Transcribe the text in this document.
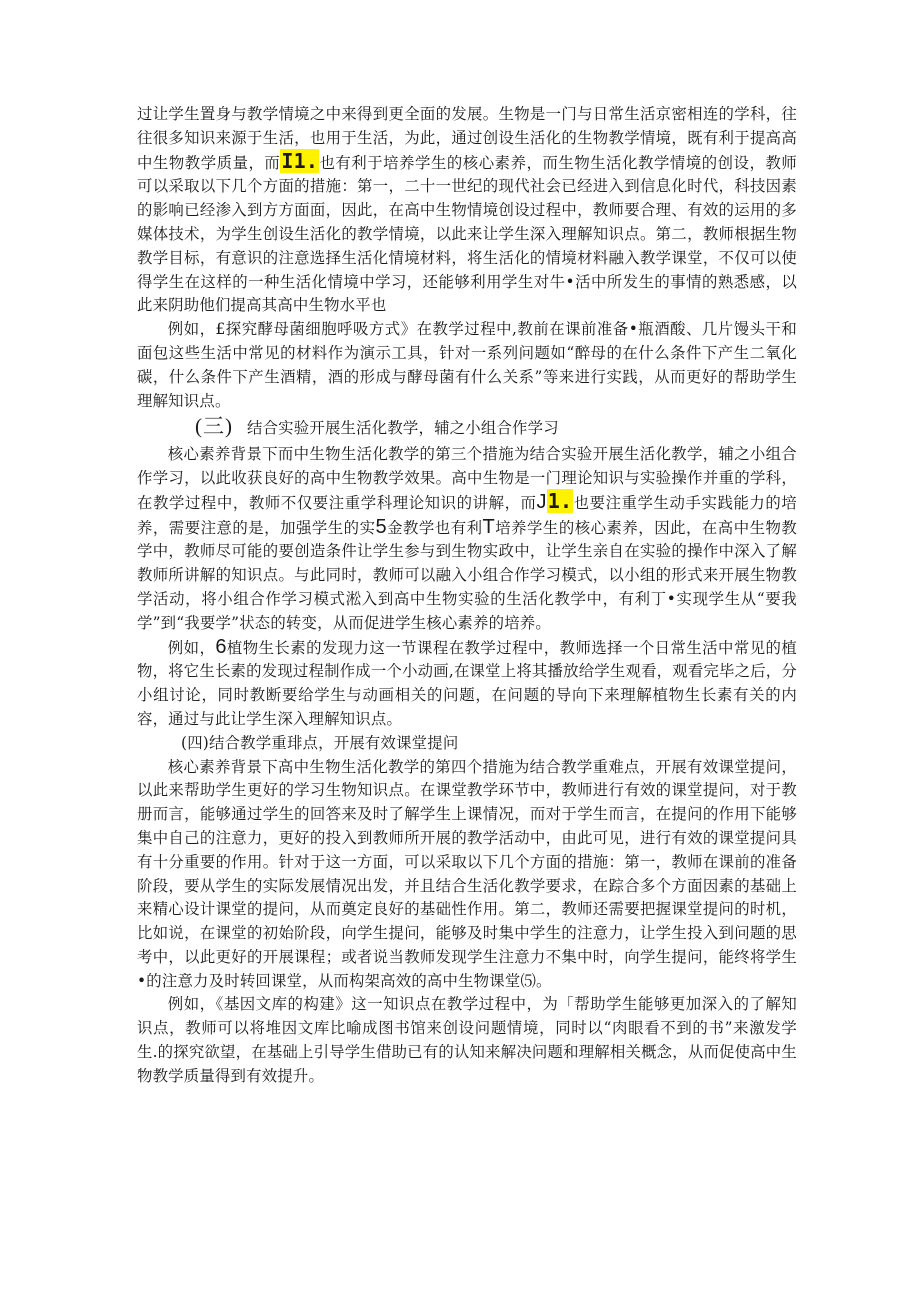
过让学生置身与教学情境之中来得到更全面的发展。生物是一门与日常生活京密相连的学科，往往很多知识来源于生活，也用于生活，为此，通过创设生活化的生物教学情境，既有利于提高高中生物教学质量，而I1.也有利于培养学生的核心素养，而生物生活化教学情境的创设，教师可以采取以下几个方面的措施：第一，二十一世纪的现代社会已经进入到信息化时代，科技因素的影响已经渗入到方方面面，因此，在高中生物情境创设过程中，教师要合理、有效的运用的多媒体技术，为学生创设生活化的教学情境，以此来让学生深入理解知识点。第二，教师根据生物教学目标，有意识的注意选择生活化情境材料，将生活化的情境材料融入教学课堂，不仅可以使得学生在这样的一种生活化情境中学习，还能够利用学生对牛•活中所发生的事情的熟悉感，以此来阴助他们提高其高中生物水平也

例如，£探究酵母菌细胞呼吸方式》在教学过程中,教前在课前准备•瓶酒酸、几片馒头干和面包这些生活中常见的材料作为演示工具，针对一系列问题如“醉母的在什么条件下产生二氧化碳，什么条件下产生酒精，酒的形成与酵母菌有什么关系”等来进行实践，从而更好的帮助学生理解知识点。

(三) 结合实验开展生活化教学，辅之小组合作学习

核心素养背景下而中生物生活化教学的第三个措施为结合实验开展生活化教学，辅之小组合作学习，以此收获良好的高中生物教学效果。高中生物是一门理论知识与实验操作并重的学科，在教学过程中，教师不仅要注重学科理论知识的讲解，而J1.也要注重学生动手实践能力的培养，需要注意的是，加强学生的实5金教学也有利T培养学生的核心素养，因此，在高中生物教学中，教师尽可能的要创造条件让学生参与到生物实政中，让学生亲自在实验的操作中深入了解教师所讲解的知识点。与此同时，教师可以融入小组合作学习模式，以小组的形式来开展生物教学活动，将小组合作学习模式淞入到高中生物实验的生活化教学中，有利丁•实现学生从“要我学”到“我要学”状态的转变，从而促进学生核心素养的培养。

例如，6植物生长素的发现力这一节课程在教学过程中，教师选择一个日常生活中常见的植物，将它生长素的发现过程制作成一个小动画,在课堂上将其播放给学生观看，观看完毕之后，分小组讨论，同时教断要给学生与动画相关的问题，在问题的导向下来理解植物生长素有关的内容，通过与此让学生深入理解知识点。

(四)结合教学重琲点，开展有效课堂提问

核心素养背景下高中生物生活化教学的第四个措施为结合教学重难点，开展有效课堂提问，以此来帮助学生更好的学习生物知识点。在课堂教学环节中，教师进行有效的课堂提问，对于教册而言，能够通过学生的回答来及时了解学生上课情况，而对于学生而言，在提问的作用下能够集中自己的注意力，更好的投入到教师所开展的教学活动中，由此可见，进行有效的课堂提问具有十分重要的作用。针对于这一方面，可以采取以下几个方面的措施：第一，教师在课前的准备阶段，要从学生的实际发展情况出发，并且结合生活化教学要求，在踪合多个方面因素的基础上来精心设计课堂的提问，从而奠定良好的基础性作用。第二，教师还需要把握课堂提问的时机，比如说，在课堂的初始阶段，向学生提问，能够及时集中学生的注意力，让学生投入到问题的思考中，以此更好的开展课程；或者说当教师发现学生注意力不集中时，向学生提问，能终将学生•的注意力及时转回课堂，从而构架高效的高中生物课堂⑸。

例如，《基因文库的构建》这一知识点在教学过程中，为「帮助学生能够更加深入的了解知识点，教师可以将堆因文库比喻成图书馆来创设问题情境，同时以“肉眼看不到的书”来激发学生.的探究欲望，在基础上引导学生借助已有的认知来解决问题和理解相关概念，从而促使高中生物教学质量得到有效提升。
